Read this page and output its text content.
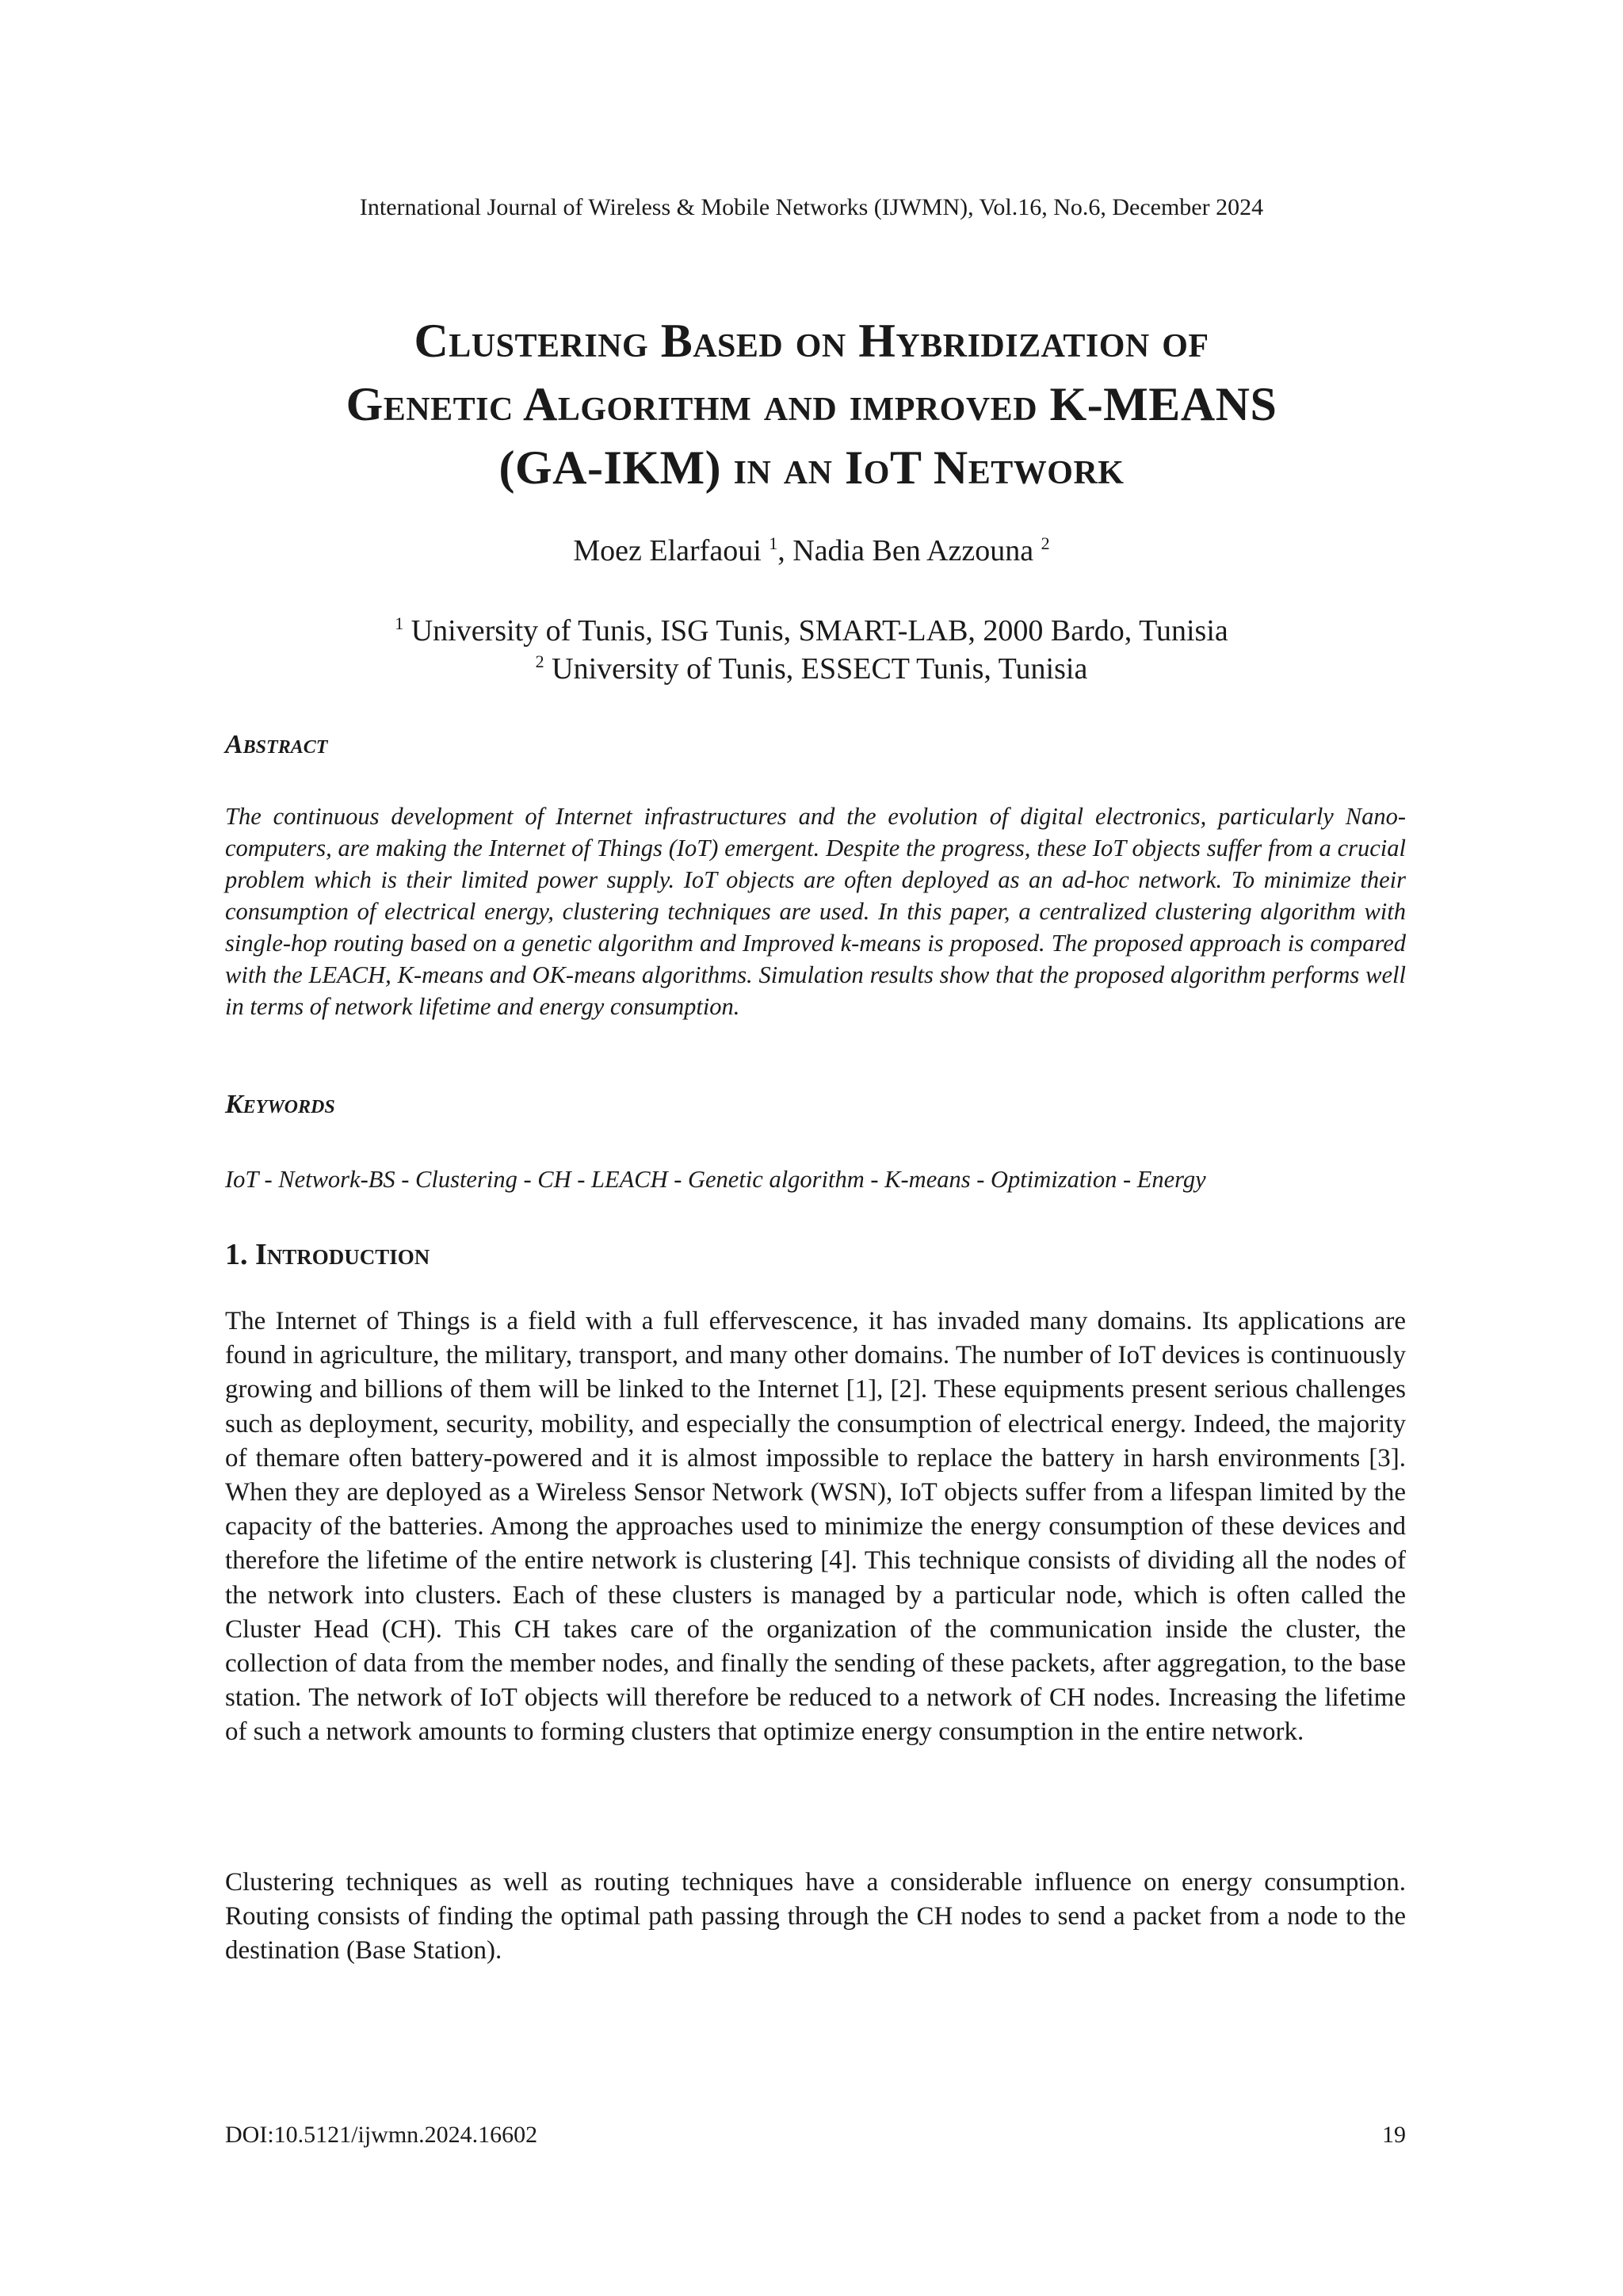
International Journal of Wireless & Mobile Networks (IJWMN), Vol.16, No.6, December 2024
Clustering Based on Hybridization of
Genetic Algorithm and improved K-MEANS
(GA-IKM) in an IoT Network
Moez Elarfaoui $^1$, Nadia Ben Azzouna $^2$
$^1$ University of Tunis, ISG Tunis, SMART-LAB, 2000 Bardo, Tunisia
$^2$ University of Tunis, ESSECT Tunis, Tunisia
Abstract
The continuous development of Internet infrastructures and the evolution of digital electronics, particularly Nano-computers, are making the Internet of Things (IoT) emergent. Despite the progress, these IoT objects suffer from a crucial problem which is their limited power supply. IoT objects are often deployed as an ad-hoc network. To minimize their consumption of electrical energy, clustering techniques are used. In this paper, a centralized clustering algorithm with single-hop routing based on a genetic algorithm and Improved k-means is proposed. The proposed approach is compared with the LEACH, K-means and OK-means algorithms. Simulation results show that the proposed algorithm performs well in terms of network lifetime and energy consumption.
Keywords
IoT - Network-BS - Clustering - CH - LEACH - Genetic algorithm - K-means - Optimization - Energy
1. Introduction
The Internet of Things is a field with a full effervescence, it has invaded many domains. Its applications are found in agriculture, the military, transport, and many other domains. The number of IoT devices is continuously growing and billions of them will be linked to the Internet [1], [2]. These equipments present serious challenges such as deployment, security, mobility, and especially the consumption of electrical energy. Indeed, the majority of themare often battery-powered and it is almost impossible to replace the battery in harsh environments [3]. When they are deployed as a Wireless Sensor Network (WSN), IoT objects suffer from a lifespan limited by the capacity of the batteries. Among the approaches used to minimize the energy consumption of these devices and therefore the lifetime of the entire network is clustering [4]. This technique consists of dividing all the nodes of the network into clusters. Each of these clusters is managed by a particular node, which is often called the Cluster Head (CH). This CH takes care of the organization of the communication inside the cluster, the collection of data from the member nodes, and finally the sending of these packets, after aggregation, to the base station. The network of IoT objects will therefore be reduced to a network of CH nodes. Increasing the lifetime of such a network amounts to forming clusters that optimize energy consumption in the entire network.
Clustering techniques as well as routing techniques have a considerable influence on energy consumption. Routing consists of finding the optimal path passing through the CH nodes to send a packet from a node to the destination (Base Station).
DOI:10.5121/ijwmn.2024.16602	19
